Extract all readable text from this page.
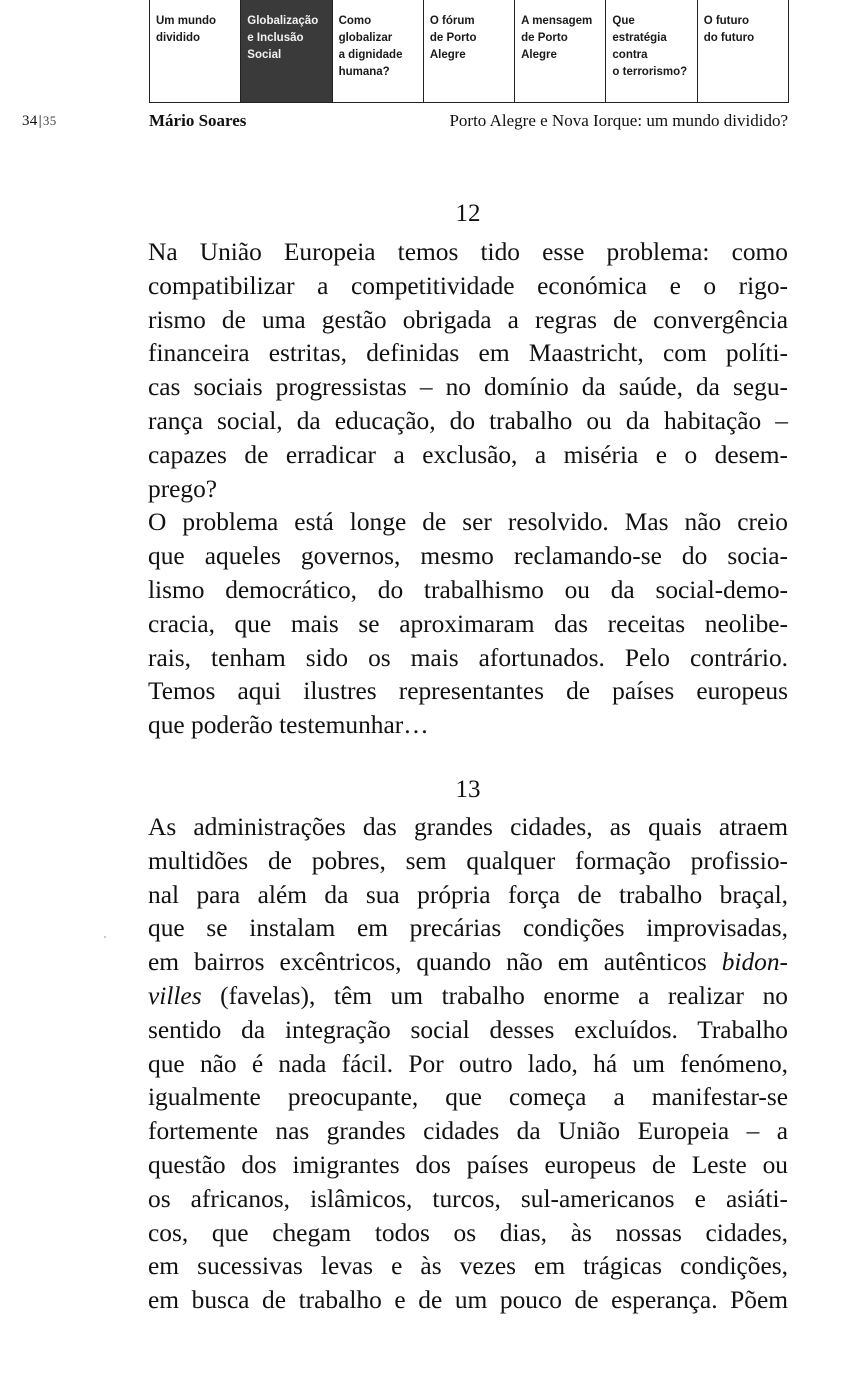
Um mundo
dividido
Globalização
e Inclusão
Social
Como
globalizar
a dignidade
humana?
O fórum
de Porto
Alegre
A mensagem
de Porto
Alegre
Que
estratégia
contra
o terrorismo?
O futuro
do futuro
34|35	Mário Soares	Porto Alegre e Nova Iorque: um mundo dividido?

12

Na União Europeia temos tido esse problema: como
compatibilizar a competitividade económica e o rigo-
rismo de uma gestão obrigada a regras de convergência
financeira estritas, definidas em Maastricht, com políti-
cas sociais progressistas – no domínio da saúde, da segu-
rança social, da educação, do trabalho ou da habitação –
capazes de erradicar a exclusão, a miséria e o desem-
prego?

O problema está longe de ser resolvido. Mas não creio
que aqueles governos, mesmo reclamando-se do socia-
lismo democrático, do trabalhismo ou da social-demo-
cracia, que mais se aproximaram das receitas neolibe-
rais, tenham sido os mais afortunados. Pelo contrário.
Temos aqui ilustres representantes de países europeus
que poderão testemunhar…

13

As administrações das grandes cidades, as quais atraem
multidões de pobres, sem qualquer formação profissio-
nal para além da sua própria força de trabalho braçal,
que se instalam em precárias condições improvisadas,
em bairros excêntricos, quando não em autênticos bidon-
villes (favelas), têm um trabalho enorme a realizar no
sentido da integração social desses excluídos. Trabalho
que não é nada fácil. Por outro lado, há um fenómeno,
igualmente preocupante, que começa a manifestar-se
fortemente nas grandes cidades da União Europeia – a
questão dos imigrantes dos países europeus de Leste ou
os africanos, islâmicos, turcos, sul-americanos e asiáti-
cos, que chegam todos os dias, às nossas cidades,
em sucessivas levas e às vezes em trágicas condições,
em busca de trabalho e de um pouco de esperança. Põem
